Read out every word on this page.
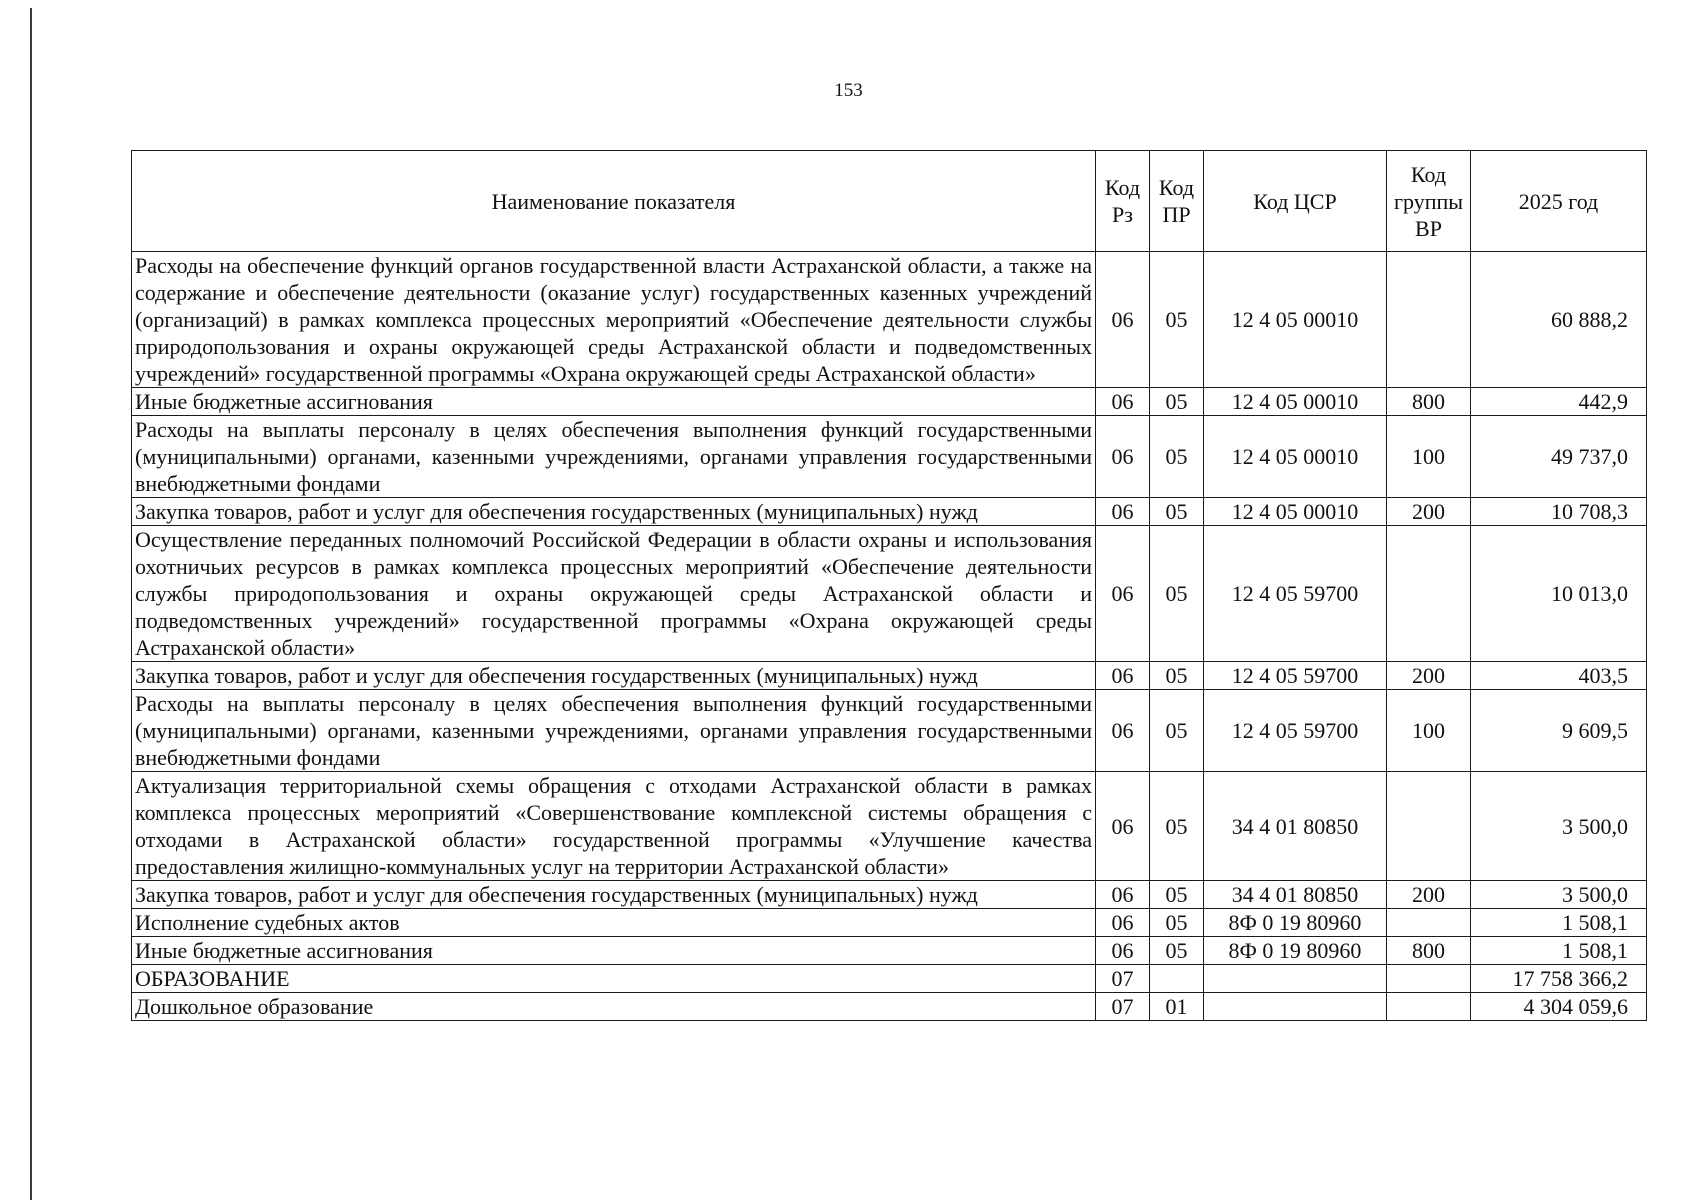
153
Наименование показателя	Код Рз	Код ПР	Код ЦСР	Код группы ВР	2025 год
Расходы на обеспечение функций органов государственной власти Астраханской области, а также на содержание и обеспечение деятельности (оказание услуг) государственных казенных учреждений (организаций) в рамках комплекса процессных мероприятий «Обеспечение деятельности службы природопользования и охраны окружающей среды Астраханской области и подведомственных учреждений» государственной программы «Охрана окружающей среды Астраханской области»	06	05	12 4 05 00010		60 888,2
Иные бюджетные ассигнования	06	05	12 4 05 00010	800	442,9
Расходы на выплаты персоналу в целях обеспечения выполнения функций государственными (муниципальными) органами, казенными учреждениями, органами управления государственными внебюджетными фондами	06	05	12 4 05 00010	100	49 737,0
Закупка товаров, работ и услуг для обеспечения государственных (муниципальных) нужд	06	05	12 4 05 00010	200	10 708,3
Осуществление переданных полномочий Российской Федерации в области охраны и использования охотничьих ресурсов в рамках комплекса процессных мероприятий «Обеспечение деятельности службы природопользования и охраны окружающей среды Астраханской области и подведомственных учреждений» государственной программы «Охрана окружающей среды Астраханской области»	06	05	12 4 05 59700		10 013,0
Закупка товаров, работ и услуг для обеспечения государственных (муниципальных) нужд	06	05	12 4 05 59700	200	403,5
Расходы на выплаты персоналу в целях обеспечения выполнения функций государственными (муниципальными) органами, казенными учреждениями, органами управления государственными внебюджетными фондами	06	05	12 4 05 59700	100	9 609,5
Актуализация территориальной схемы обращения с отходами Астраханской области в рамках комплекса процессных мероприятий «Совершенствование комплексной системы обращения с отходами в Астраханской области» государственной программы «Улучшение качества предоставления жилищно-коммунальных услуг на территории Астраханской области»	06	05	34 4 01 80850		3 500,0
Закупка товаров, работ и услуг для обеспечения государственных (муниципальных) нужд	06	05	34 4 01 80850	200	3 500,0
Исполнение судебных актов	06	05	8Ф 0 19 80960		1 508,1
Иные бюджетные ассигнования	06	05	8Ф 0 19 80960	800	1 508,1
ОБРАЗОВАНИЕ	07				17 758 366,2
Дошкольное образование	07	01			4 304 059,6
